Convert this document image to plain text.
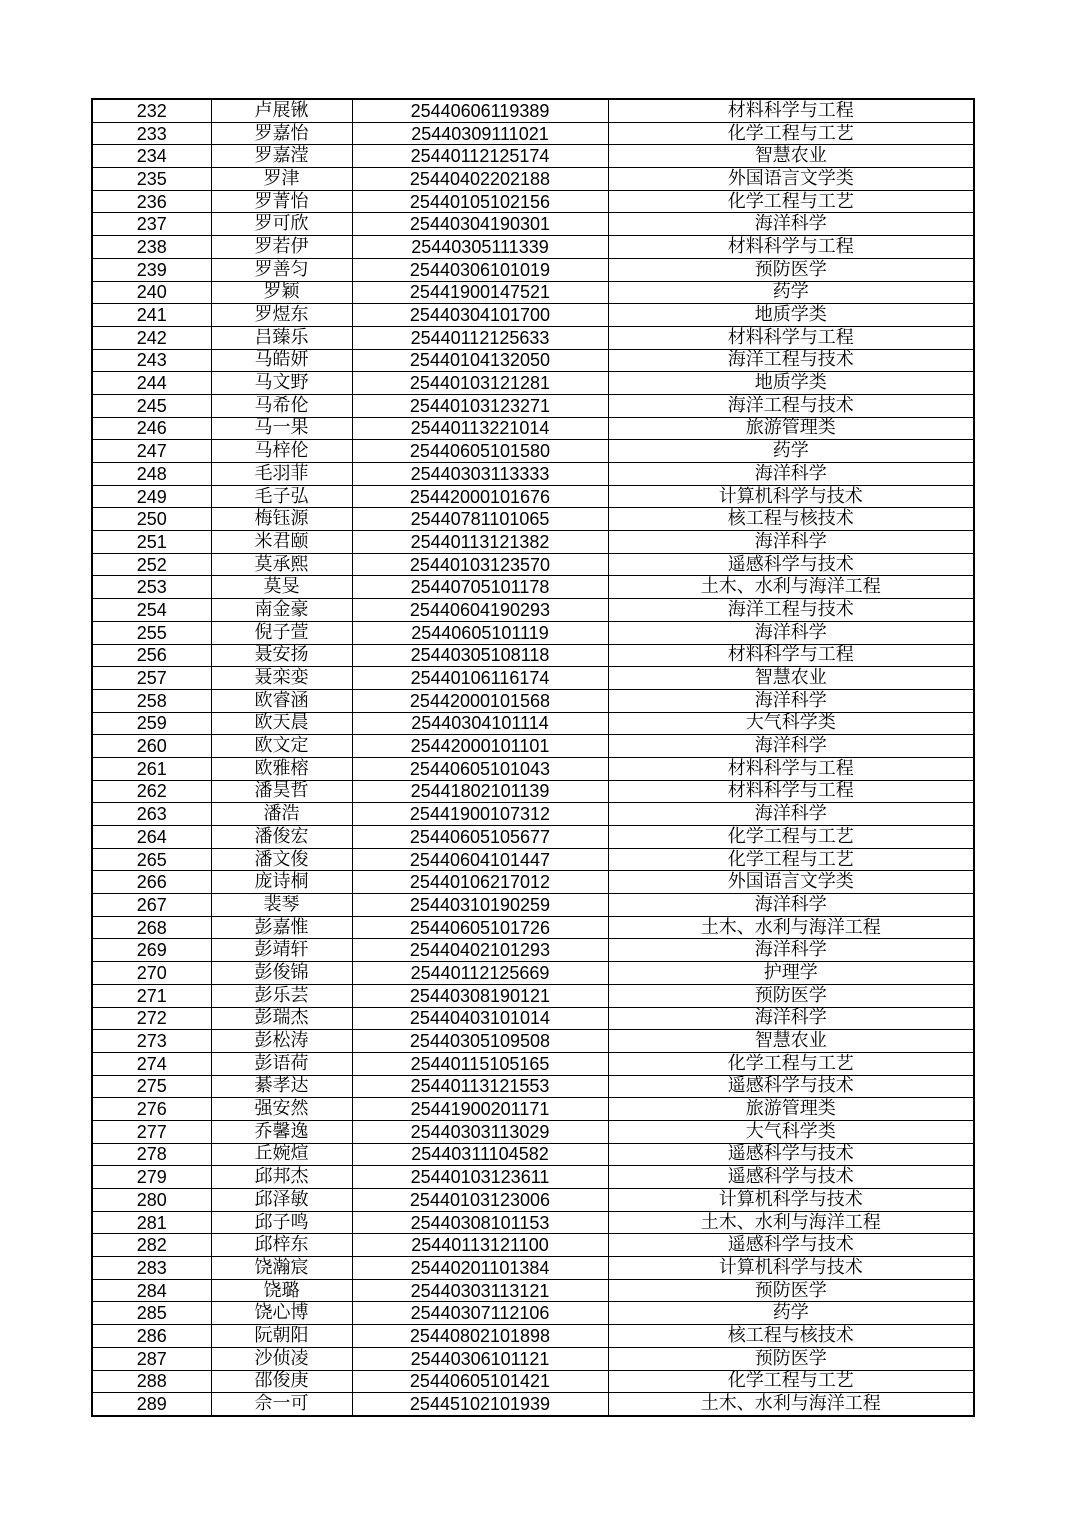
232	卢展锹	25440606119389	材料科学与工程
233	罗嘉怡	25440309111021	化学工程与工艺
234	罗嘉滢	25440112125174	智慧农业
235	罗津	25440402202188	外国语言文学类
236	罗菁怡	25440105102156	化学工程与工艺
237	罗可欣	25440304190301	海洋科学
238	罗若伊	25440305111339	材料科学与工程
239	罗善匀	25440306101019	预防医学
240	罗颖	25441900147521	药学
241	罗煜东	25440304101700	地质学类
242	吕臻乐	25440112125633	材料科学与工程
243	马皓妍	25440104132050	海洋工程与技术
244	马文野	25440103121281	地质学类
245	马希伦	25440103123271	海洋工程与技术
246	马一果	25440113221014	旅游管理类
247	马梓伦	25440605101580	药学
248	毛羽菲	25440303113333	海洋科学
249	毛子弘	25442000101676	计算机科学与技术
250	梅钰源	25440781101065	核工程与核技术
251	米君颐	25440113121382	海洋科学
252	莫承熙	25440103123570	遥感科学与技术
253	莫旻	25440705101178	土木、水利与海洋工程
254	南金豪	25440604190293	海洋工程与技术
255	倪子萱	25440605101119	海洋科学
256	聂安扬	25440305108118	材料科学与工程
257	聂栾娈	25440106116174	智慧农业
258	欧睿涵	25442000101568	海洋科学
259	欧天晨	25440304101114	大气科学类
260	欧文定	25442000101101	海洋科学
261	欧雅榕	25440605101043	材料科学与工程
262	潘昊哲	25441802101139	材料科学与工程
263	潘浩	25441900107312	海洋科学
264	潘俊宏	25440605105677	化学工程与工艺
265	潘文俊	25440604101447	化学工程与工艺
266	庞诗桐	25440106217012	外国语言文学类
267	裴琴	25440310190259	海洋科学
268	彭嘉惟	25440605101726	土木、水利与海洋工程
269	彭靖轩	25440402101293	海洋科学
270	彭俊锦	25440112125669	护理学
271	彭乐芸	25440308190121	预防医学
272	彭瑞杰	25440403101014	海洋科学
273	彭松涛	25440305109508	智慧农业
274	彭语荷	25440115105165	化学工程与工艺
275	綦孝达	25440113121553	遥感科学与技术
276	强安然	25441900201171	旅游管理类
277	乔馨逸	25440303113029	大气科学类
278	丘婉煊	25440311104582	遥感科学与技术
279	邱邦杰	25440103123611	遥感科学与技术
280	邱泽敏	25440103123006	计算机科学与技术
281	邱子鸣	25440308101153	土木、水利与海洋工程
282	邱梓东	25440113121100	遥感科学与技术
283	饶瀚宸	25440201101384	计算机科学与技术
284	饶璐	25440303113121	预防医学
285	饶心博	25440307112106	药学
286	阮朝阳	25440802101898	核工程与核技术
287	沙侦凌	25440306101121	预防医学
288	邵俊庚	25440605101421	化学工程与工艺
289	佘一可	25445102101939	土木、水利与海洋工程
